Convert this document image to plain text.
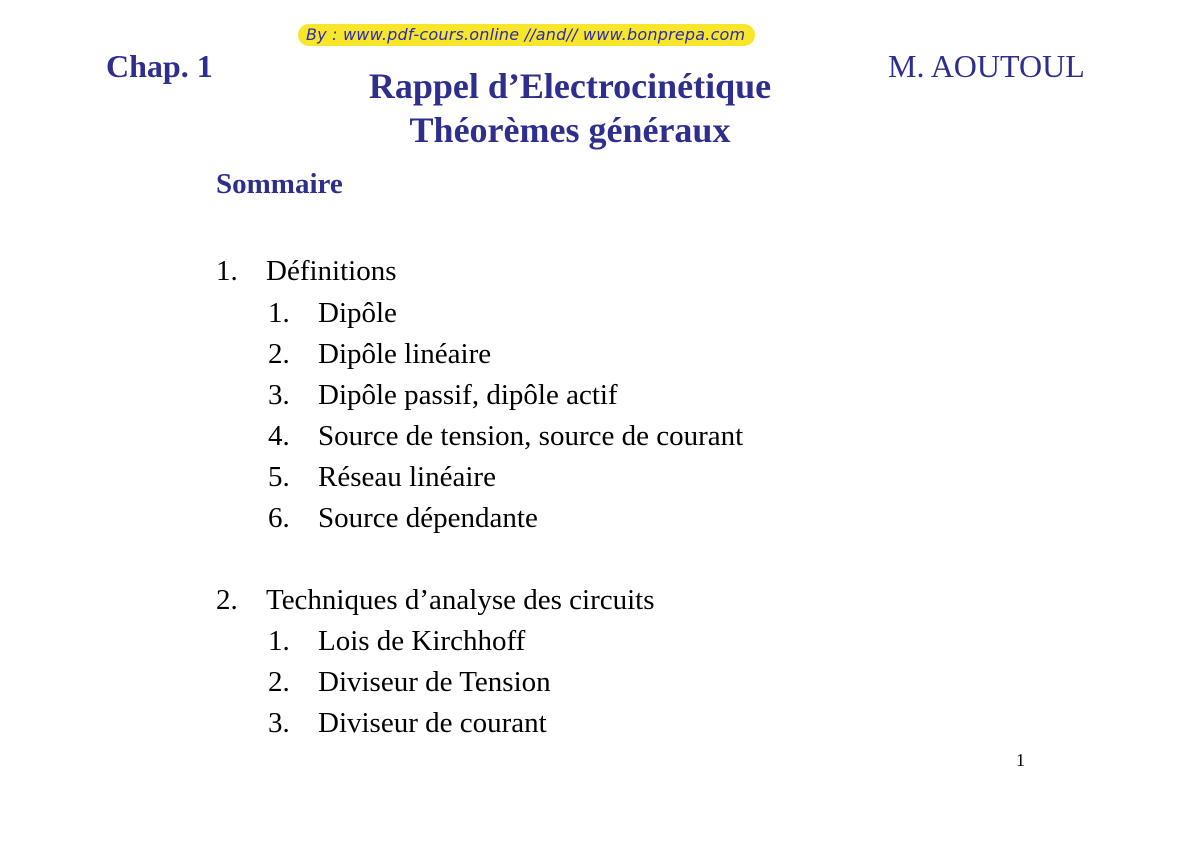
By : www.pdf-cours.online //and// www.bonprepa.com
Chap. 1	M. AOUTOUL
Rappel d’Electrocinétique
Théorèmes généraux
Sommaire
1. Définitions
1. Dipôle
2. Dipôle linéaire
3. Dipôle passif, dipôle actif
4. Source de tension, source de courant
5. Réseau linéaire
6. Source dépendante
2. Techniques d’analyse des circuits
1. Lois de Kirchhoff
2. Diviseur de Tension
3. Diviseur de courant
1
